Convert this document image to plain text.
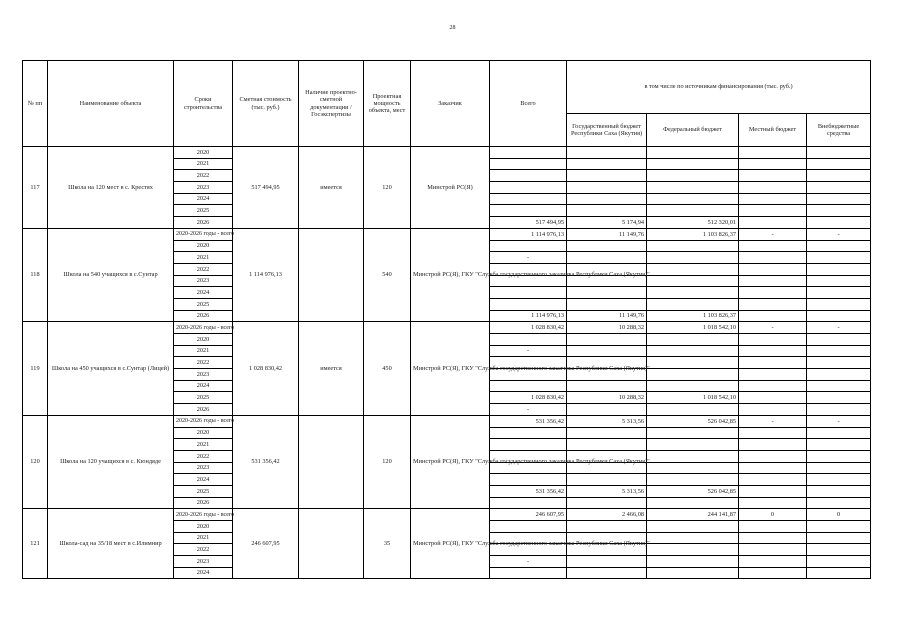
28
№ пп	Наименование объекта	Сроки строительства	Сметная стоимость (тыс. руб.)	Наличие проектно-сметной документации /Госэкспертизы	Проектная мощность объекта, мест	Заказчик	Всего	в том числе по источникам финансирования (тыс. руб.)			
								Государственный бюджет Республики Саха (Якутия)	Федеральный бюджет	Местный бюджет	Внебюджетные средства
117	Школа на 120 мест в с. Крестях	2020	517 494,95	имеется	120	Минстрой РС(Я)					
		2021									
		2022									
		2023									
		2024									
		2025									
		2026					517 494,95	5 174,94	512 320,01		
118	Школа на 540 учащихся в с.Сунтар	2020-2026 годы - всего	1 114 976,13		540	Минстрой РС(Я), ГКУ "Служба государственного заказчика Республики Саха (Якутия)"	1 114 976,13	11 149,76	1 103 826,37	-	-
		2020									
		2021					-				
		2022									
		2023									
		2024									
		2025									
		2026					1 114 976,13	11 149,76	1 103 826,37		
119	Школа на 450 учащихся в с.Сунтар (Лицей)	2020-2026 годы - всего	1 028 830,42	имеется	450	Минстрой РС(Я), ГКУ "Служба государственного заказчика Республики Саха (Якутия)"	1 028 830,42	10 288,32	1 018 542,10	-	-
		2020									
		2021					-				
		2022									
		2023									
		2024									
		2025					1 028 830,42	10 288,32	1 018 542,10		
		2026					-				
120	Школа на 120 учащихся в с. Кюндяде	2020-2026 годы - всего	531 356,42		120	Минстрой РС(Я), ГКУ "Служба государственного заказчика Республики Саха (Якутия)"	531 356,42	5 313,56	526 042,85	-	-
		2020									
		2021									
		2022									
		2023									
		2024									
		2025					531 356,42	5 313,56	526 042,85		
		2026									
121	Школа-сад на 35/18 мест в с.Илимнир	2020-2026 годы - всего	246 607,95		35	Минстрой РС(Я), ГКУ "Служба государственного заказчика Республики Саха (Якутия)"	246 607,95	2 466,08	244 141,87	0	0
		2020									
		2021									
		2022									
		2023					-				
		2024									
